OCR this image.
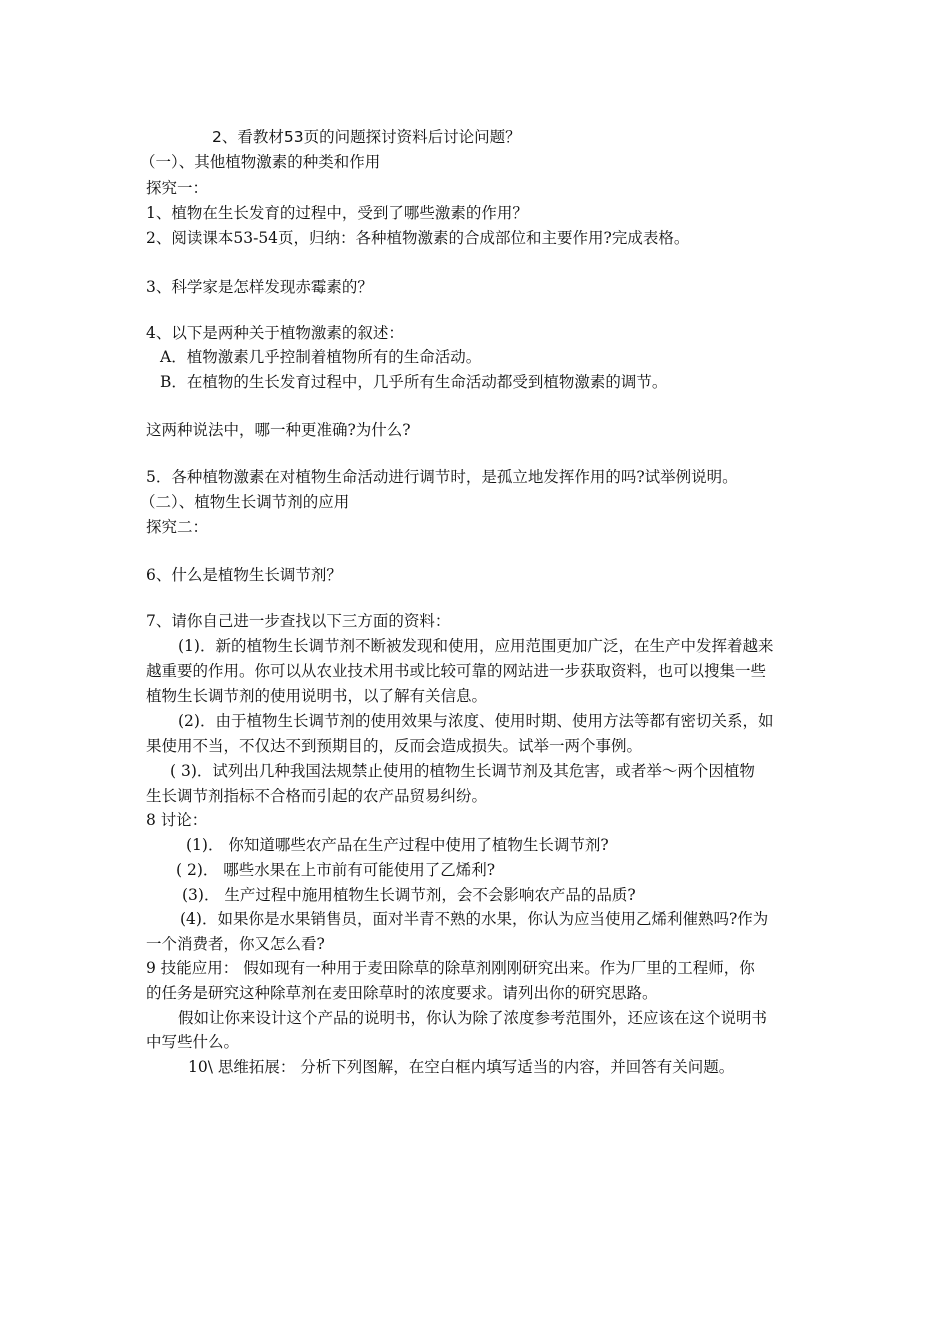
2、看教材53页的问题探讨资料后讨论问题？
（一）、其他植物激素的种类和作用
探究一：
1、植物在生长发育的过程中，受到了哪些激素的作用？
2、阅读课本53-54页，归纳：各种植物激素的合成部位和主要作用?完成表格。
3、科学家是怎样发现赤霉素的？
4、以下是两种关于植物激素的叙述：
A．植物激素几乎控制着植物所有的生命活动。
B．在植物的生长发育过程中，几乎所有生命活动都受到植物激素的调节。
这两种说法中，哪一种更准确?为什么?
5．各种植物激素在对植物生命活动进行调节时，是孤立地发挥作用的吗?试举例说明。
（二）、植物生长调节剂的应用
探究二：
6、什么是植物生长调节剂？
7、请你自己进一步查找以下三方面的资料：
(1)．新的植物生长调节剂不断被发现和使用，应用范围更加广泛，在生产中发挥着越来
越重要的作用。你可以从农业技术用书或比较可靠的网站进一步获取资料，也可以搜集一些
植物生长调节剂的使用说明书，以了解有关信息。
(2)．由于植物生长调节剂的使用效果与浓度、使用时期、使用方法等都有密切关系，如
果使用不当，不仅达不到预期目的，反而会造成损失。试举一两个事例。
( 3)．试列出几种我国法规禁止使用的植物生长调节剂及其危害，或者举～两个因植物
生长调节剂指标不合格而引起的农产品贸易纠纷。
8 讨论：
(1)． 你知道哪些农产品在生产过程中使用了植物生长调节剂?
( 2)． 哪些水果在上市前有可能使用了乙烯利?
(3)． 生产过程中施用植物生长调节剂，会不会影响农产品的品质?
(4)．如果你是水果销售员，面对半青不熟的水果，你认为应当使用乙烯利催熟吗?作为
一个消费者，你又怎么看?
9 技能应用： 假如现有一种用于麦田除草的除草剂刚刚研究出来。作为厂里的工程师，你
的任务是研究这种除草剂在麦田除草时的浓度要求。请列出你的研究思路。
假如让你来设计这个产品的说明书，你认为除了浓度参考范围外，还应该在这个说明书
中写些什么。
10\ 思维拓展： 分析下列图解，在空白框内填写适当的内容，并回答有关问题。
